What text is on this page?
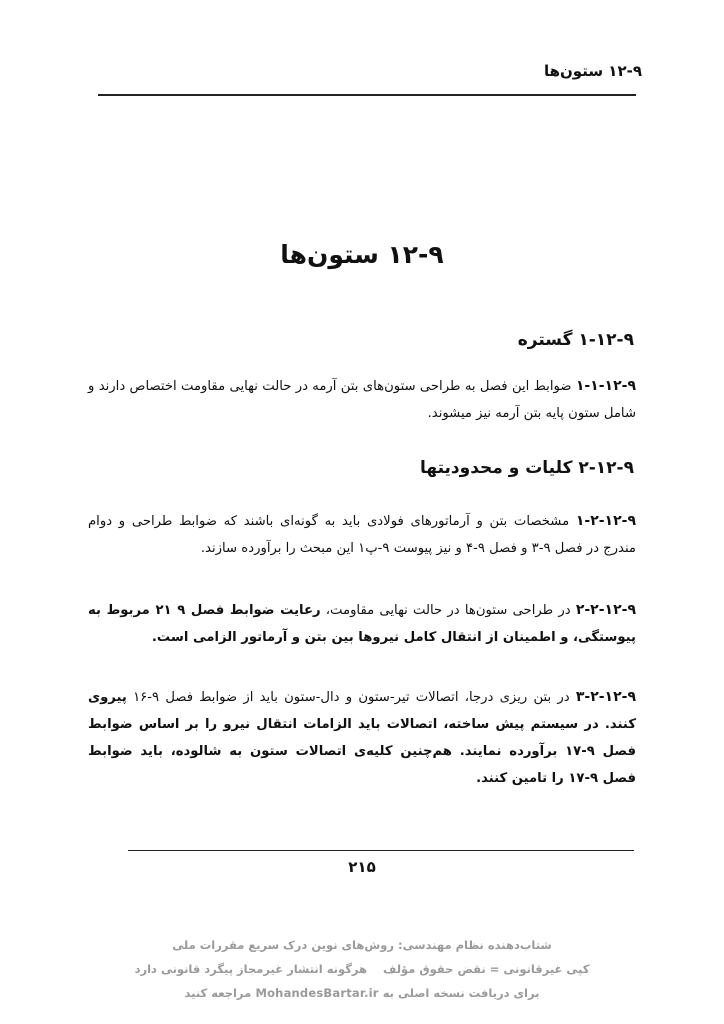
۱۲-۹ ستون‌ها
۱۲-۹ ستون‌ها
۱-۱۲-۹ گستره
۱-۱-۱۲-۹ ضوابط این فصل به طراحی ستون‌های بتن آرمه در حالت نهایی مقاومت اختصاص دارند و شامل ستون پایه بتن آرمه نیز میشوند.
۲-۱۲-۹ کلیات و محدودیتها
۱-۲-۱۲-۹ مشخصات بتن و آرماتورهای فولادی باید به گونه‌ای باشند که ضوابط طراحی و دوام مندرج در فصل ۹-۳ و فصل ۹-۴ و نیز پیوست ۹-پ۱ این مبحث را برآورده سازند.
۲-۲-۱۲-۹ در طراحی ستون‌ها در حالت نهایی مقاومت، رعایت ضوابط فصل ۹ ۲۱ مربوط به پیوستگی، و اطمینان از انتقال کامل نیروها بین بتن و آرماتور الزامی است.
۳-۲-۱۲-۹ در بتن ریزی درجا، اتصالات تیر-ستون و دال-ستون باید از ضوابط فصل ۹-۱۶ پیروی کنند. در سیستم پیش ساخته، اتصالات باید الزامات انتقال نیرو را بر اساس ضوابط فصل ۹-۱۷ برآورده نمایند. هم‌چنین کلیه‌ی اتصالات ستون به شالوده، باید ضوابط فصل ۹-۱۷ را تامین کنند.
۲۱۵
شتاب‌دهنده نظام مهندسی: روش‌های نوین درک سریع مقررات ملی
کپی غیرقانونی = نقض حقوق مؤلف    هرگونه انتشار غیرمجاز پیگرد قانونی دارد
برای دریافت نسخه اصلی به MohandesBartar.ir مراجعه کنید
